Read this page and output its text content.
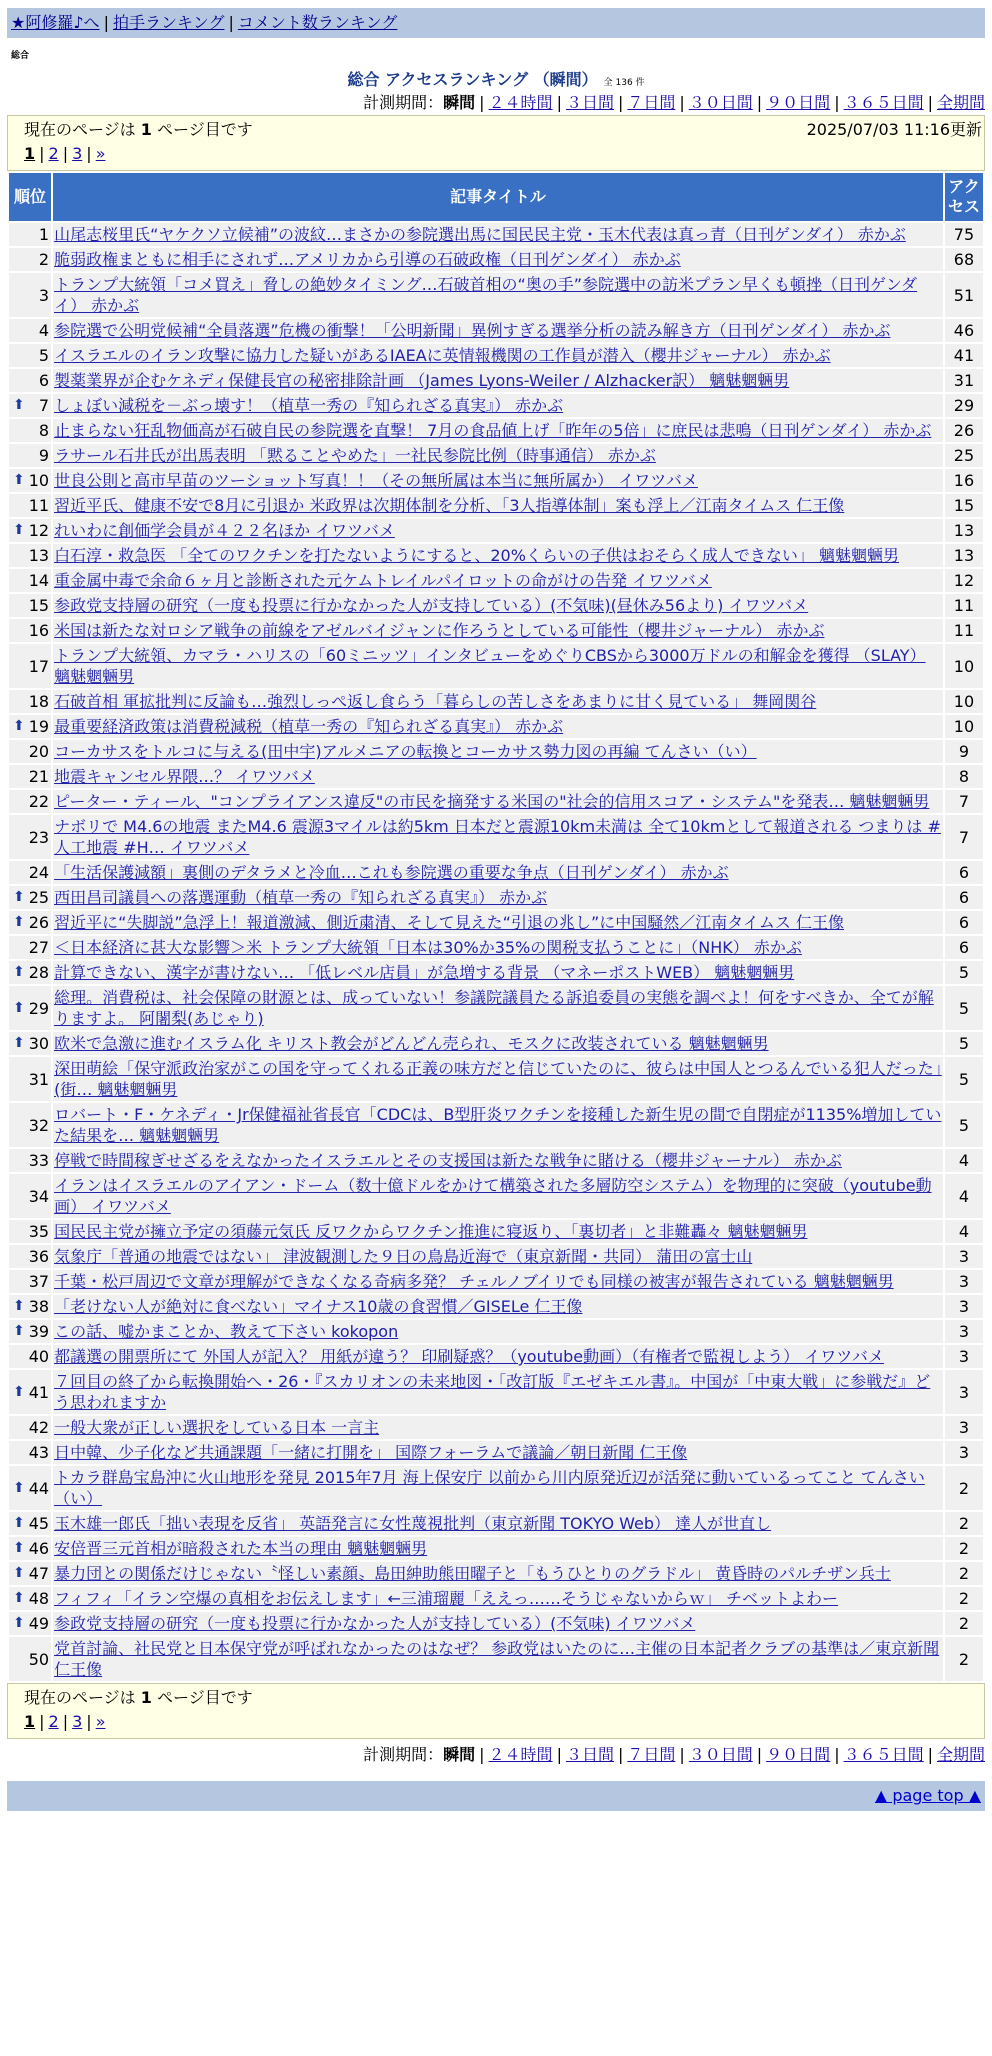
★阿修羅♪へ | 拍手ランキング | コメント数ランキング
総合
総合 アクセスランキング （瞬間） 全 136 件
計測期間：瞬間 | ２４時間 | ３日間 | ７日間 | ３０日間 | ９０日間 | ３６５日間 | 全期間
現在のページは 1 ページ目です	2025/07/03 11:16更新
1 | 2 | 3 | »
順位	記事タイトル	アクセス
1	山尾志桜里氏“ヤケクソ立候補”の波紋…まさかの参院選出馬に国民民主党・玉木代表は真っ青（日刊ゲンダイ） 赤かぶ	75
2	脆弱政権まともに相手にされず…アメリカから引導の石破政権（日刊ゲンダイ） 赤かぶ	68
3	トランプ大統領「コメ買え」脅しの絶妙タイミング…石破首相の“奥の手”参院選中の訪米プラン早くも頓挫（日刊ゲンダイ） 赤かぶ	51
4	参院選で公明党候補“全員落選”危機の衝撃！「公明新聞」異例すぎる選挙分析の読み解き方（日刊ゲンダイ） 赤かぶ	46
5	イスラエルのイラン攻撃に協力した疑いがあるIAEAに英情報機関の工作員が潜入（櫻井ジャーナル） 赤かぶ	41
6	製薬業界が企むケネディ保健長官の秘密排除計画 （James Lyons-Weiler / Alzhacker訳） 魑魅魍魎男	31

⬆ 7	しょぼい減税を－ぶっ壊す！（植草一秀の『知られざる真実』） 赤かぶ	29
8	止まらない狂乱物価高が石破自民の参院選を直撃！ 7月の食品値上げ「昨年の5倍」に庶民は悲鳴（日刊ゲンダイ） 赤かぶ	26
9	ラサール石井氏が出馬表明 「黙ることやめた」一社民参院比例（時事通信） 赤かぶ	25

⬆ 10	世良公則と高市早苗のツーショット写真！！（その無所属は本当に無所属か） イワツバメ	16
11	習近平氏、健康不安で8月に引退か 米政界は次期体制を分析、「3人指導体制」案も浮上／江南タイムス 仁王像	15

⬆ 12	れいわに創価学会員が４２２名ほか イワツバメ	13
13	白石淳・救急医 「全てのワクチンを打たないようにすると、20%くらいの子供はおそらく成人できない」 魑魅魍魎男	13
14	重金属中毒で余命６ヶ月と診断された元ケムトレイルパイロットの命がけの告発 イワツバメ	12
15	参政党支持層の研究（一度も投票に行かなかった人が支持している）(不気味)(昼休み56より) イワツバメ	11
16	米国は新たな対ロシア戦争の前線をアゼルバイジャンに作ろうとしている可能性（櫻井ジャーナル） 赤かぶ	11
17	トランプ大統領、カマラ・ハリスの「60ミニッツ」インタビューをめぐりCBSから3000万ドルの和解金を獲得 （SLAY） 魑魅魍魎男	10
18	石破首相 軍拡批判に反論も…強烈しっぺ返し食らう「暮らしの苦しさをあまりに甘く見ている」 舞岡関谷	10

⬆ 19	最重要経済政策は消費税減税（植草一秀の『知られざる真実』） 赤かぶ	10
20	コーカサスをトルコに与える(田中宇)アルメニアの転換とコーカサス勢力図の再編 てんさい（い）	9
21	地震キャンセル界隈…？ イワツバメ	8
22	ピーター・ティール、"コンプライアンス違反"の市民を摘発する米国の"社会的信用スコア・システム"を発表… 魑魅魍魎男	7
23	ナボリで M4.6の地震 またM4.6 震源3マイルは約5km 日本だと震源10km未満は 全て10kmとして報道される つまりは #人工地震 #H… イワツバメ	7
24	「生活保護減額」裏側のデタラメと冷血…これも参院選の重要な争点（日刊ゲンダイ） 赤かぶ	6

⬆ 25	西田昌司議員への落選運動（植草一秀の『知られざる真実』） 赤かぶ	6

⬆ 26	習近平に“失脚説”急浮上！報道激減、側近粛清、そして見えた“引退の兆し”に中国騒然／江南タイムス 仁王像	6
27	＜日本経済に甚大な影響＞米 トランプ大統領「日本は30%か35%の関税支払うことに」（NHK） 赤かぶ	6

⬆ 28	計算できない、漢字が書けない… 「低レベル店員」が急増する背景 （マネーポストWEB） 魑魅魍魎男	5

⬆ 29	総理。消費税は、社会保障の財源とは、成っていない！参議院議員たる訴追委員の実態を調べよ！何をすべきか、全てが解りますよ。 阿闍梨(あじゃり)	5

⬆ 30	欧米で急激に進むイスラム化 キリスト教会がどんどん売られ、モスクに改装されている 魑魅魍魎男	5
31	深田萌絵「保守派政治家がこの国を守ってくれる正義の味方だと信じていたのに、彼らは中国人とつるんでいる犯人だった」(街… 魑魅魍魎男	5
32	ロバート・F・ケネディ・Jr保健福祉省長官「CDCは、B型肝炎ワクチンを接種した新生児の間で自閉症が1135%増加していた結果を… 魑魅魍魎男	5
33	停戦で時間稼ぎせざるをえなかったイスラエルとその支援国は新たな戦争に賭ける（櫻井ジャーナル） 赤かぶ	4
34	イランはイスラエルのアイアン・ドーム（数十億ドルをかけて構築された多層防空システム）を物理的に突破（youtube動画） イワツバメ	4
35	国民民主党が擁立予定の須藤元気氏 反ワクからワクチン推進に寝返り、「裏切者」と非難轟々 魑魅魍魎男	4
36	気象庁「普通の地震ではない」 津波観測した９日の鳥島近海で（東京新聞・共同） 蒲田の富士山	3
37	千葉・松戸周辺で文章が理解ができなくなる奇病多発？ チェルノブイリでも同様の被害が報告されている 魑魅魍魎男	3

⬆ 38	「老けない人が絶対に食べない」マイナス10歳の食習慣／GISELe 仁王像	3

⬆ 39	この話、嘘かまことか、教えて下さい kokopon	3
40	都議選の開票所にて 外国人が記入？ 用紙が違う？ 印刷疑惑？（youtube動画）（有権者で監視しよう） イワツバメ	3

⬆ 41	７回目の終了から転換開始へ・26・『スカリオンの未来地図・「改訂版『エゼキエル書』。中国が「中東大戦」に参戦だ』どう思われますか	3
42	一般大衆が正しい選択をしている日本 一言主	3
43	日中韓、少子化など共通課題「一緒に打開を」 国際フォーラムで議論／朝日新聞 仁王像	3

⬆ 44	トカラ群島宝島沖に火山地形を発見 2015年7月 海上保安庁 以前から川内原発近辺が活発に動いているってこと てんさい（い）	2

⬆ 45	玉木雄一郎氏「拙い表現を反省」 英語発言に女性蔑視批判（東京新聞 TOKYO Web） 達人が世直し	2

⬆ 46	安倍晋三元首相が暗殺された本当の理由 魑魅魍魎男	2

⬆ 47	暴力団との関係だけじゃない〝怪しい素顔〟島田紳助熊田曜子と「もうひとりのグラドル」 黄昏時のパルチザン兵士	2

⬆ 48	フィフィ「イラン空爆の真相をお伝えします」←三浦瑠麗「ええっ……そうじゃないからｗ」 チベットよわー	2

⬆ 49	参政党支持層の研究（一度も投票に行かなかった人が支持している）(不気味) イワツバメ	2
50	党首討論、社民党と日本保守党が呼ばれなかったのはなぜ？ 参政党はいたのに…主催の日本記者クラブの基準は／東京新聞 仁王像	2
現在のページは 1 ページ目です
1 | 2 | 3 | »
計測期間：瞬間 | ２４時間 | ３日間 | ７日間 | ３０日間 | ９０日間 | ３６５日間 | 全期間
▲ page top ▲
